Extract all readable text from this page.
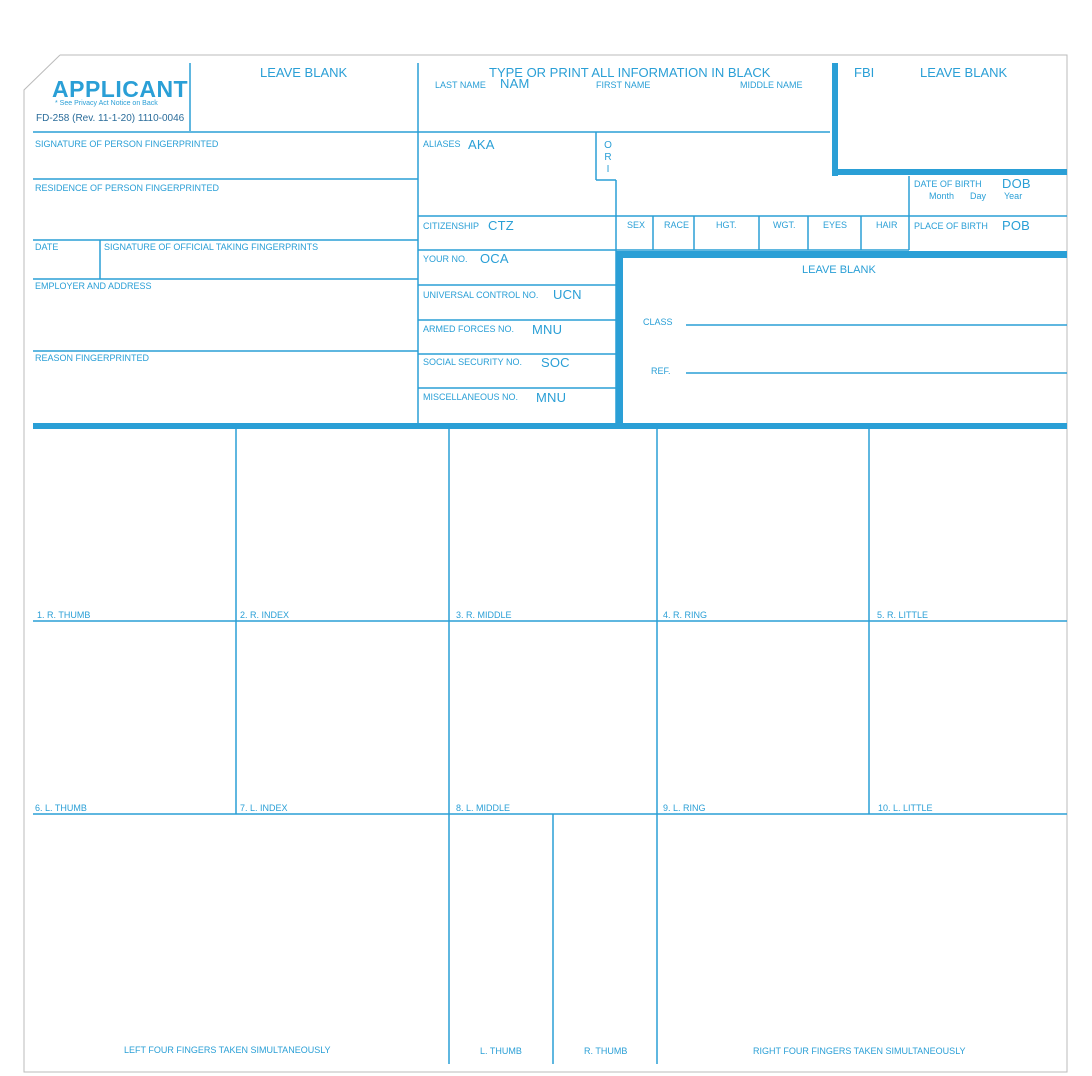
APPLICANT
* See Privacy Act Notice on Back
FD-258 (Rev. 11-1-20) 1110-0046
LEAVE BLANK	TYPE OR PRINT ALL INFORMATION IN BLACK	FBI	LEAVE BLANK
LAST NAME NAM	FIRST NAME	MIDDLE NAME
SIGNATURE OF PERSON FINGERPRINTED
RESIDENCE OF PERSON FINGERPRINTED
DATE	SIGNATURE OF OFFICIAL TAKING FINGERPRINTS
EMPLOYER AND ADDRESS
REASON FINGERPRINTED
ALIASES AKA	O R I
CITIZENSHIP CTZ
YOUR NO. OCA
UNIVERSAL CONTROL NO. UCN
ARMED FORCES NO. MNU
SOCIAL SECURITY NO. SOC
MISCELLANEOUS NO. MNU
DATE OF BIRTH DOB
Month Day Year
SEX RACE	HGT.	WGT.	EYES	HAIR PLACE OF BIRTH POB
LEAVE BLANK
CLASS
REF.
1. R. THUMB	2. R. INDEX	3. R. MIDDLE	4. R. RING	5. R. LITTLE
6. L. THUMB	7. L. INDEX	8. L. MIDDLE	9. L. RING	10. L. LITTLE
LEFT FOUR FINGERS TAKEN SIMULTANEOUSLY	L. THUMB	R. THUMB	RIGHT FOUR FINGERS TAKEN SIMULTANEOUSLY
